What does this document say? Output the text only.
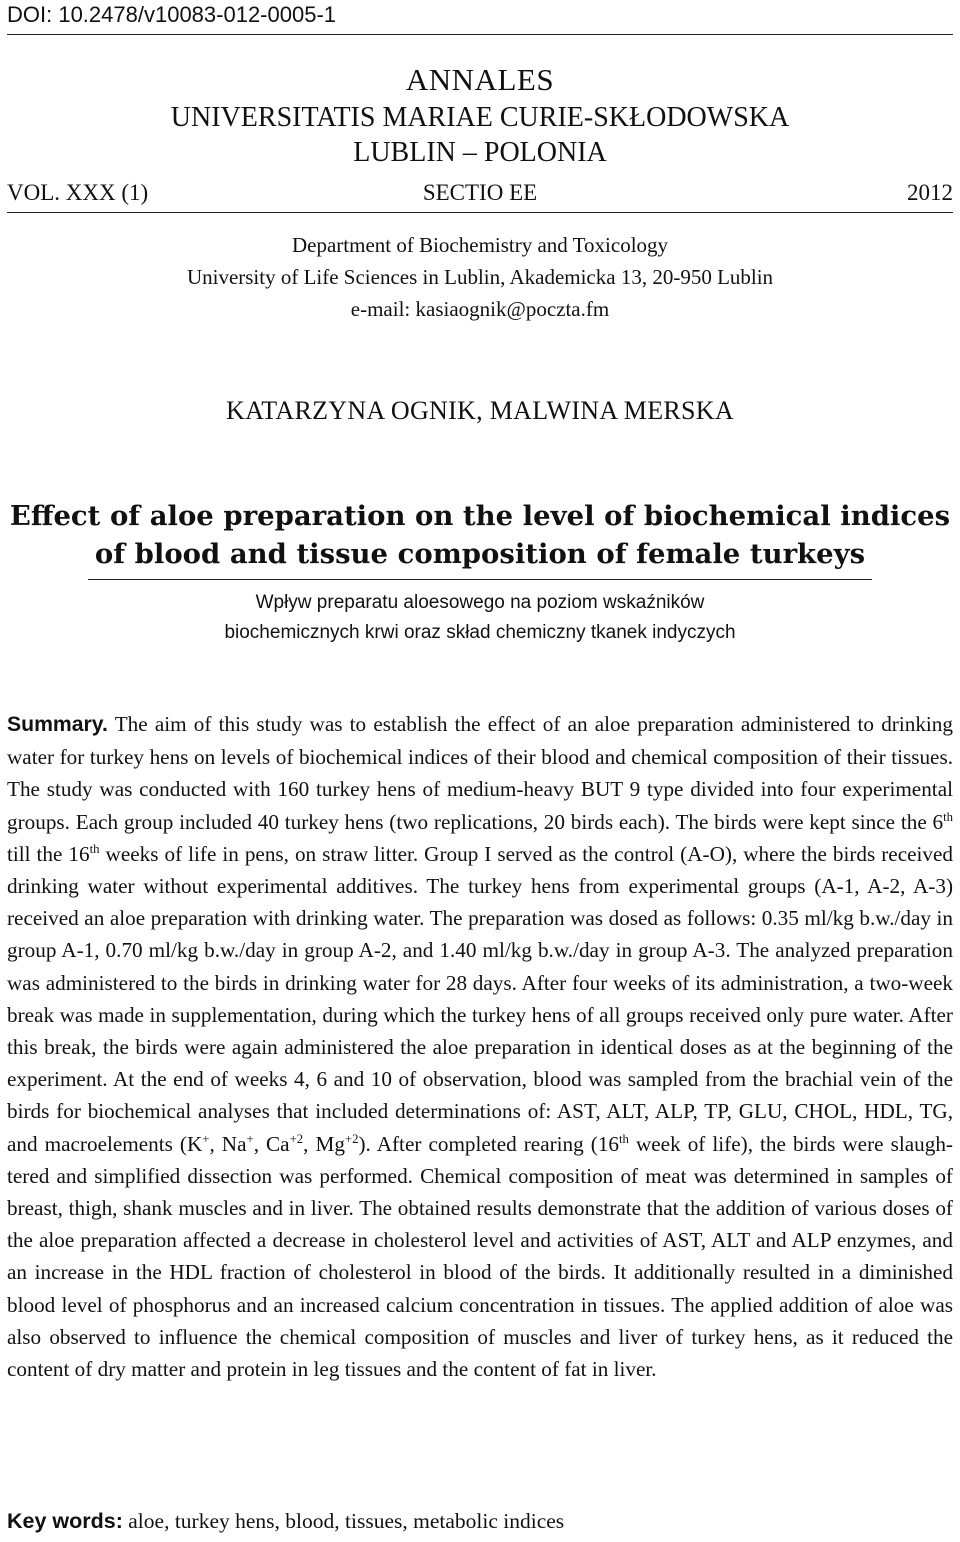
DOI: 10.2478/v10083-012-0005-1
ANNALES
UNIVERSITATIS MARIAE CURIE-SKŁODOWSKA
LUBLIN – POLONIA
VOL. XXX (1)	SECTIO EE	2012
Department of Biochemistry and Toxicology
University of Life Sciences in Lublin, Akademicka 13, 20-950 Lublin
e-mail: kasiaognik@poczta.fm
KATARZYNA OGNIK, MALWINA MERSKA
Effect of aloe preparation on the level of biochemical indices
of blood and tissue composition of female turkeys
Wpływ preparatu aloesowego na poziom wskaźników
biochemicznych krwi oraz skład chemiczny tkanek indyczych
Summary. The aim of this study was to establish the effect of an aloe preparation administered to drinking water for turkey hens on levels of biochemical indices of their blood and chemical composition of their tissues. The study was conducted with 160 turkey hens of medium-heavy BUT 9 type divided into four experimental groups. Each group included 40 turkey hens (two replications, 20 birds each). The birds were kept since the 6th till the 16th weeks of life in pens, on straw litter. Group I served as the control (A-O), where the birds received drinking water without experimental additives. The turkey hens from experimental groups (A-1, A-2, A-3) received an aloe preparation with drinking water. The preparation was dosed as follows: 0.35 ml/kg b.w./day in group A-1, 0.70 ml/kg b.w./day in group A-2, and 1.40 ml/kg b.w./day in group A-3. The analyzed preparation was administered to the birds in drinking water for 28 days. After four weeks of its administration, a two-week break was made in supplementation, during which the turkey hens of all groups received only pure water. After this break, the birds were again administered the aloe preparation in identical doses as at the beginning of the experiment. At the end of weeks 4, 6 and 10 of observation, blood was sampled from the brachial vein of the birds for biochemical analyses that included determinations of: AST, ALT, ALP, TP, GLU, CHOL, HDL, TG, and macroelements (K+, Na+, $Ca^{+2}$, $Mg^{+2}$). After completed rearing (16th week of life), the birds were slaughtered and simplified dissection was performed. Chemical composition of meat was determined in samples of breast, thigh, shank muscles and in liver. The obtained results demonstrate that the addition of various doses of the aloe preparation affected a decrease in cholesterol level and activities of AST, ALT and ALP enzymes, and an increase in the HDL fraction of cholesterol in blood of the birds. It additionally resulted in a diminished blood level of phosphorus and an increased calcium concentration in tissues. The applied addition of aloe was also observed to influence the chemical composition of muscles and liver of turkey hens, as it reduced the content of dry matter and protein in leg tissues and the content of fat in liver.
Key words: aloe, turkey hens, blood, tissues, metabolic indices
